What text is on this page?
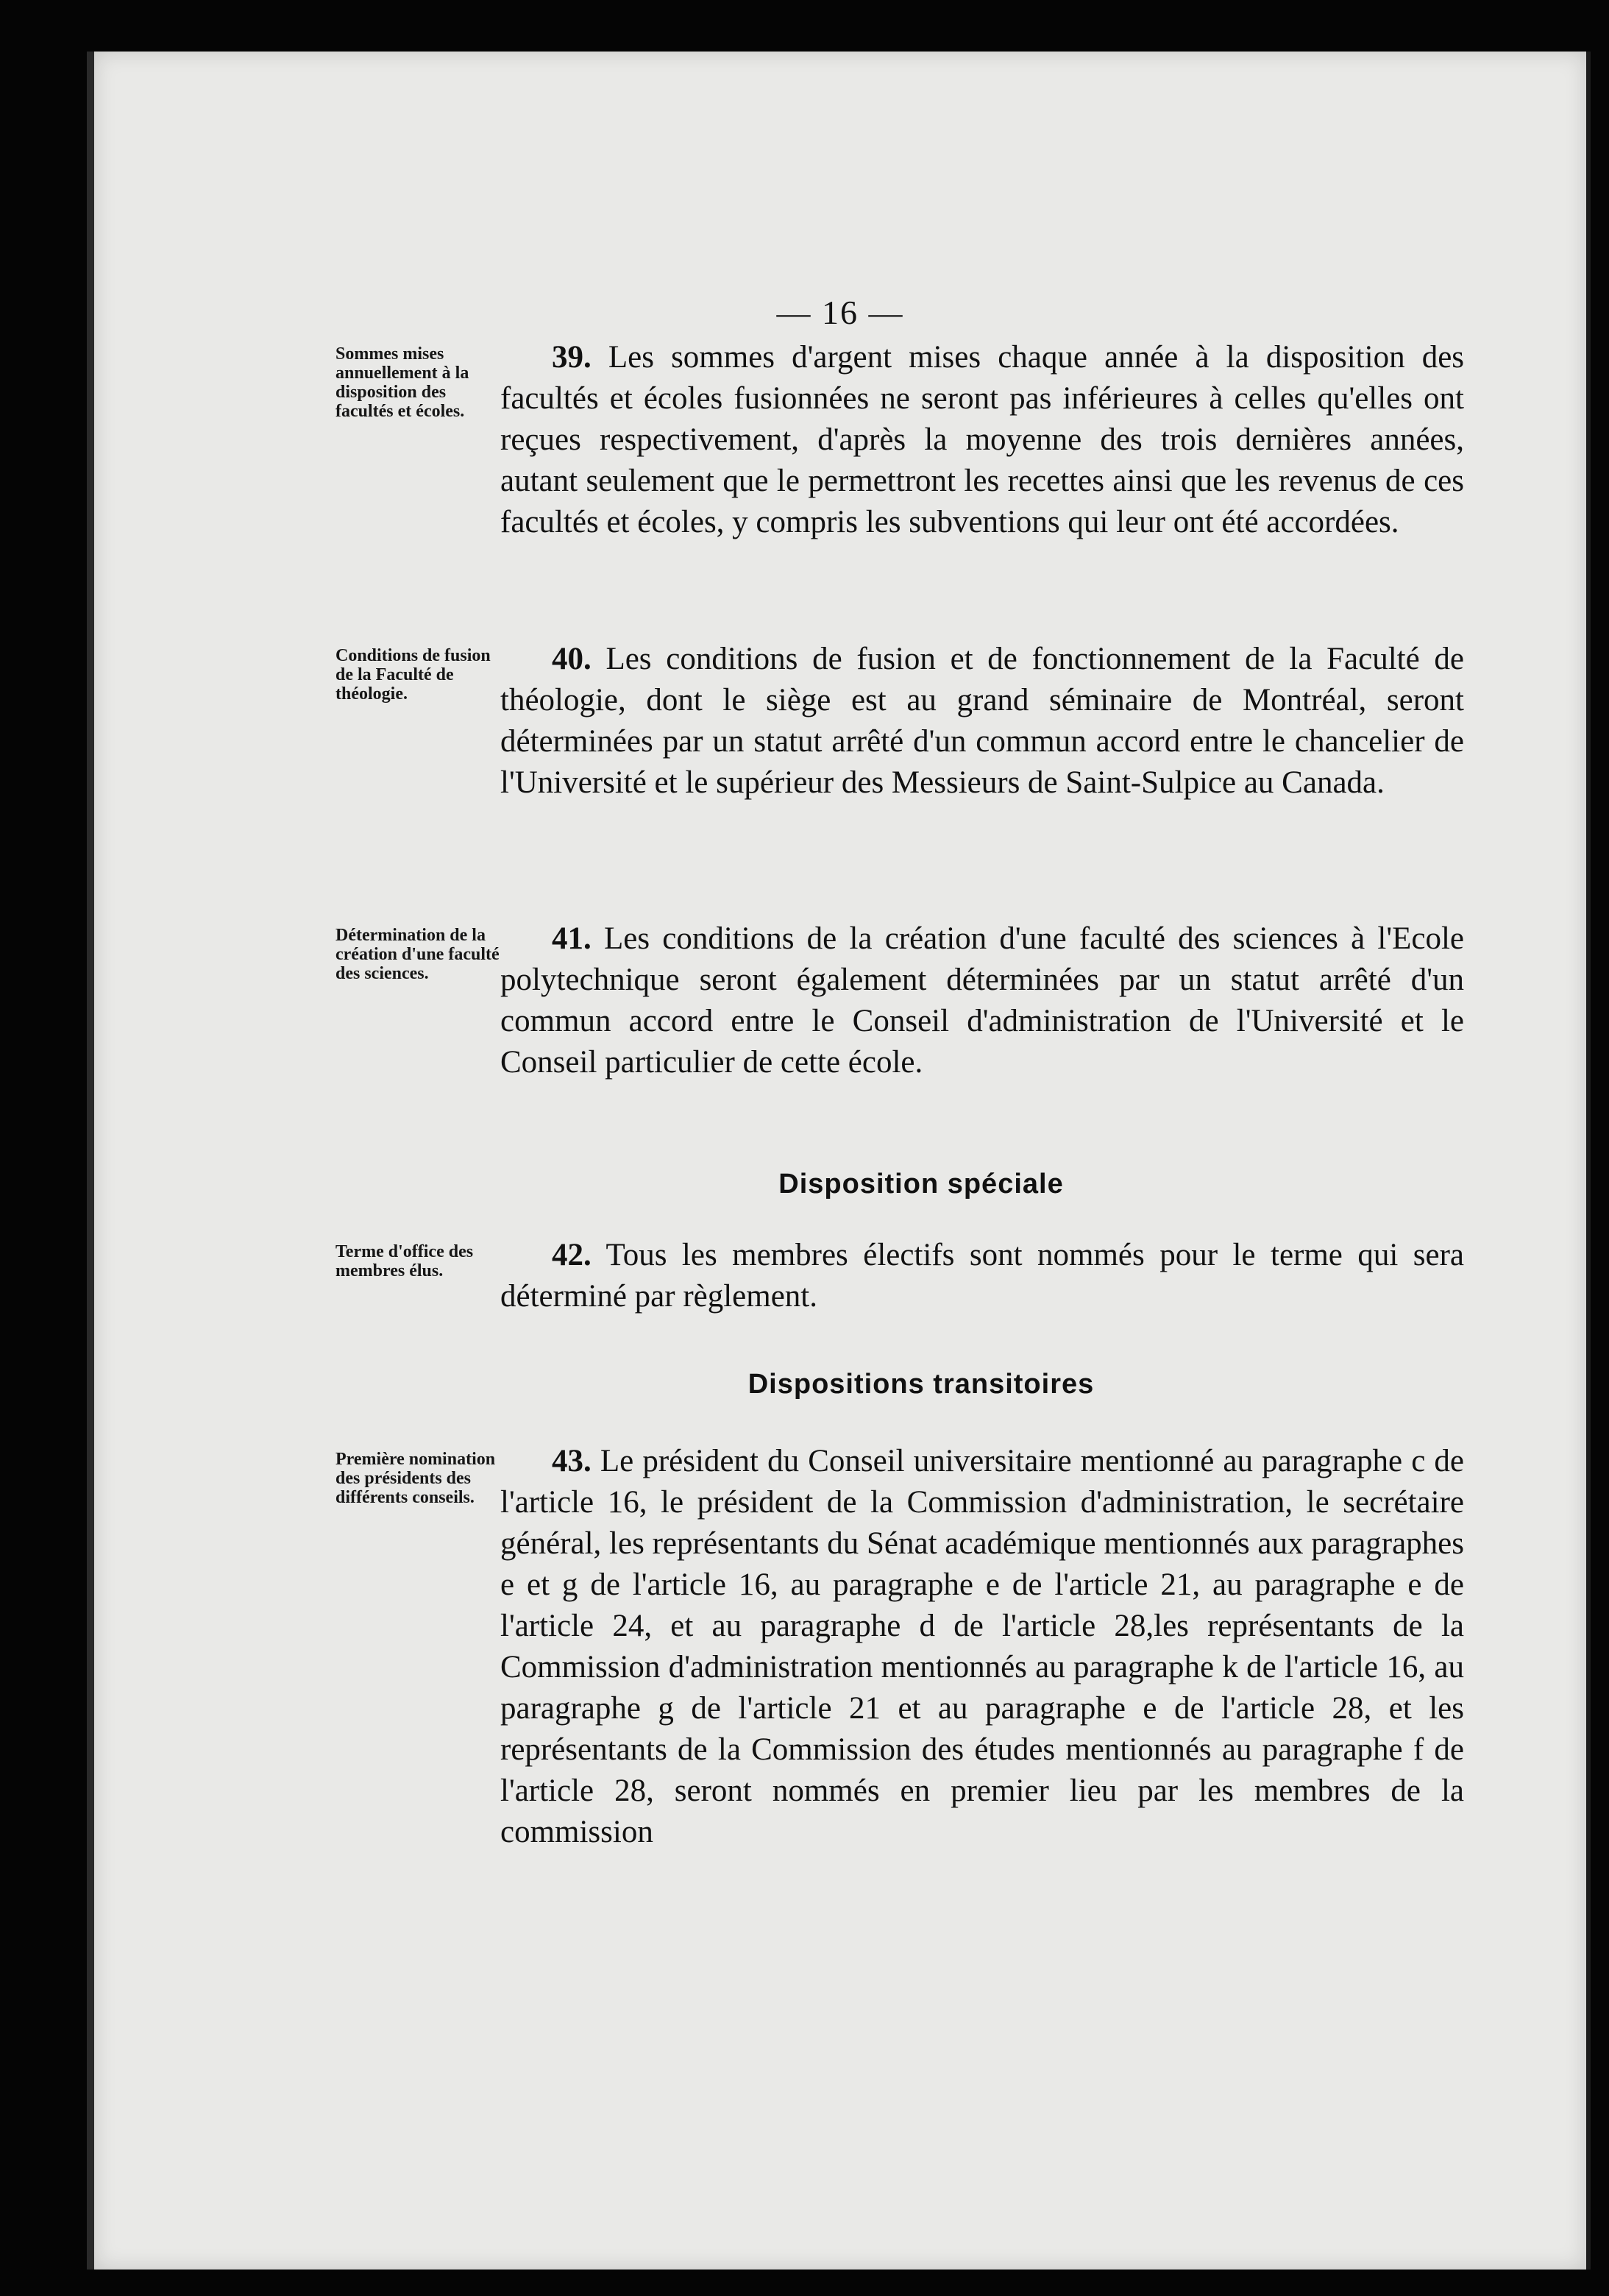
— 16 —
Sommes mises annuellement à la disposition des facultés et écoles.
39. Les sommes d'argent mises chaque année à la disposition des facultés et écoles fusionnées ne seront pas inférieures à celles qu'elles ont reçues respectivement, d'après la moyenne des trois dernières années, autant seulement que le permettront les recettes ainsi que les revenus de ces facultés et écoles, y compris les subventions qui leur ont été accordées.
Conditions de fusion de la Faculté de théologie.
40. Les conditions de fusion et de fonctionnement de la Faculté de théologie, dont le siège est au grand séminaire de Montréal, seront déterminées par un statut arrêté d'un commun accord entre le chancelier de l'Université et le supérieur des Messieurs de Saint-Sulpice au Canada.
Détermination de la création d'une faculté des sciences.
41. Les conditions de la création d'une faculté des sciences à l'Ecole polytechnique seront également déterminées par un statut arrêté d'un commun accord entre le Conseil d'administration de l'Université et le Conseil particulier de cette école.
Disposition spéciale
Terme d'office des membres élus.	42. Tous les membres électifs sont nommés pour le terme qui sera déterminé par règlement.
Dispositions transitoires
Première nomination des présidents des différents conseils.
43. Le président du Conseil universitaire mentionné au paragraphe c de l'article 16, le président de la Commission d'administration, le secrétaire général, les représentants du Sénat académique mentionnés aux paragraphes e et g de l'article 16, au paragraphe e de l'article 21, au paragraphe e de l'article 24, et au paragraphe d de l'article 28,les représentants de la Commission d'administration mentionnés au paragraphe k de l'article 16, au paragraphe g de l'article 21 et au paragraphe e de l'article 28, et les représentants de la Commission des études mentionnés au paragraphe f de l'article 28, seront nommés en premier lieu par les membres de la commission
